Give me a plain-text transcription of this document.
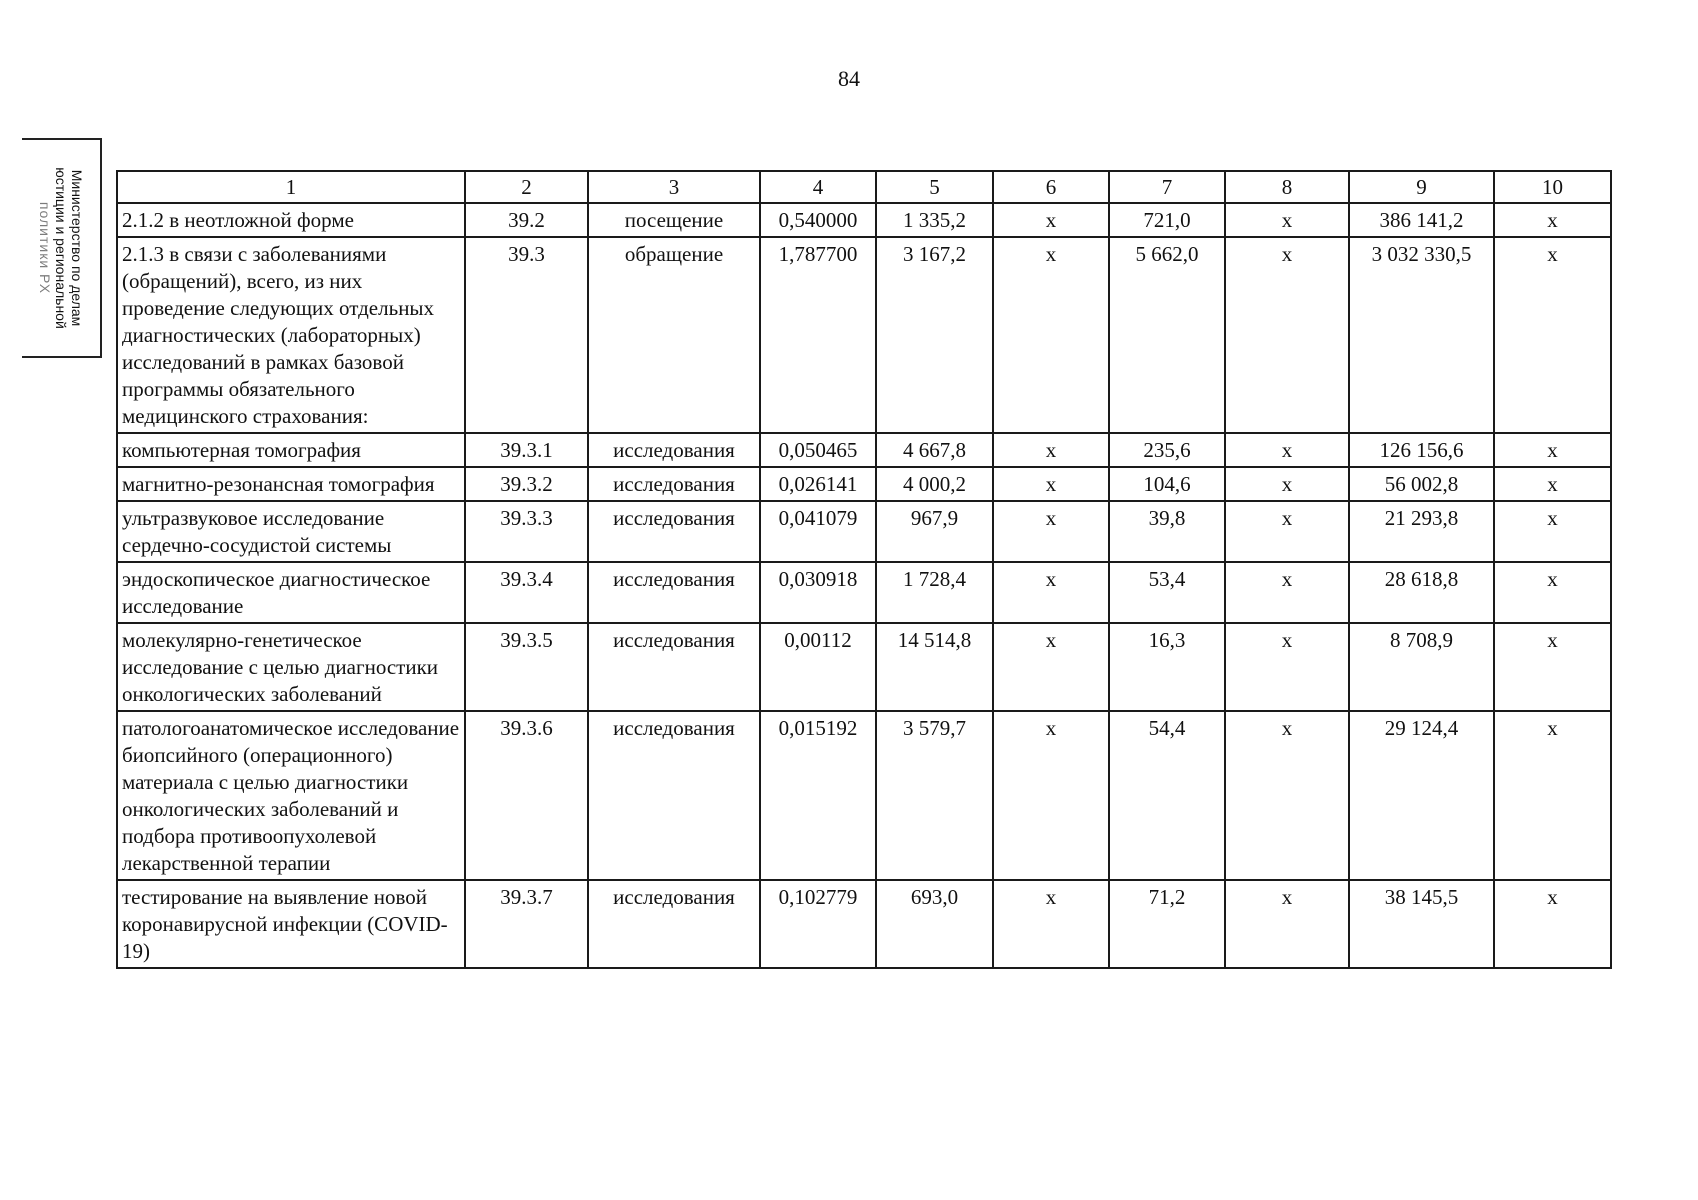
84
Министерство по делам
юстиции и региональной
политики РХ
1	2	3	4	5	6	7	8	9	10
2.1.2 в неотложной форме	39.2	посещение	0,540000	1 335,2	х	721,0	х	386 141,2	х
2.1.3 в связи с заболеваниями (обращений), всего, из них проведение следующих отдельных диагностических (лабораторных) исследований в рамках базовой программы обязательного медицинского страхования:	39.3	обращение	1,787700	3 167,2	х	5 662,0	х	3 032 330,5	х
компьютерная томография	39.3.1	исследования	0,050465	4 667,8	х	235,6	х	126 156,6	х
магнитно-резонансная томография	39.3.2	исследования	0,026141	4 000,2	х	104,6	х	56 002,8	х
ультразвуковое исследование сердечно-сосудистой системы	39.3.3	исследования	0,041079	967,9	х	39,8	х	21 293,8	х
эндоскопическое диагностическое исследование	39.3.4	исследования	0,030918	1 728,4	х	53,4	х	28 618,8	х
молекулярно-генетическое исследование с целью диагностики онкологических заболеваний	39.3.5	исследования	0,00112	14 514,8	х	16,3	х	8 708,9	х
патологоанатомическое исследование биопсийного (операционного) материала с целью диагностики онкологических заболеваний и подбора противоопухолевой лекарственной терапии	39.3.6	исследования	0,015192	3 579,7	х	54,4	х	29 124,4	х
тестирование на выявление новой коронавирусной инфекции (COVID-19)	39.3.7	исследования	0,102779	693,0	х	71,2	х	38 145,5	х
